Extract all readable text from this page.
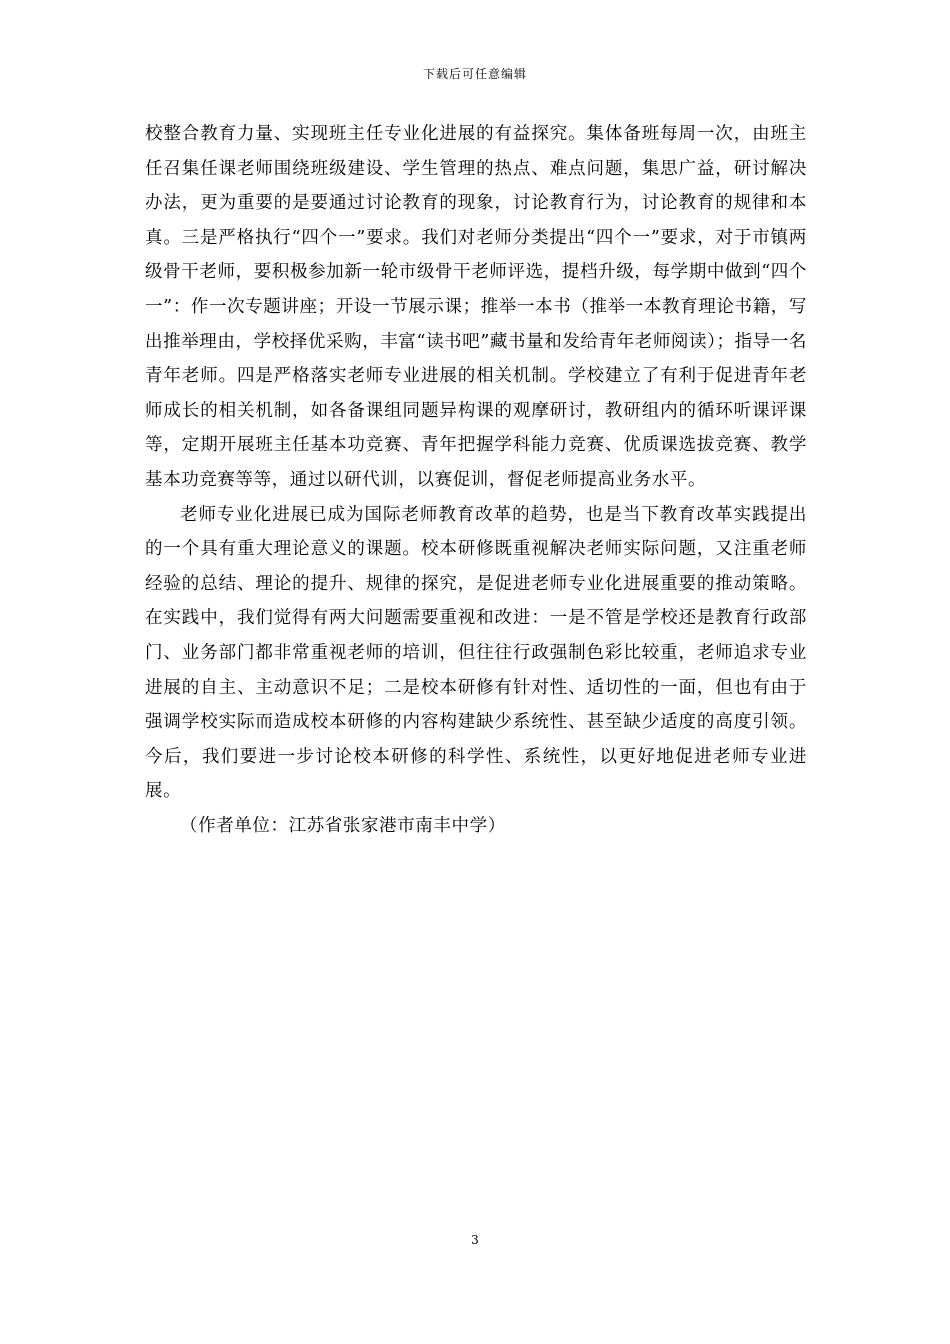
下载后可任意编辑

校整合教育力量、实现班主任专业化进展的有益探究。集体备班每周一次，由班主任召集任课老师围绕班级建设、学生管理的热点、难点问题，集思广益，研讨解决办法，更为重要的是要通过讨论教育的现象，讨论教育行为，讨论教育的规律和本真。三是严格执行“四个一”要求。我们对老师分类提出“四个一”要求，对于市镇两级骨干老师，要积极参加新一轮市级骨干老师评选，提档升级，每学期中做到“四个一”：作一次专题讲座；开设一节展示课；推举一本书（推举一本教育理论书籍，写出推举理由，学校择优采购，丰富“读书吧”藏书量和发给青年老师阅读）；指导一名青年老师。四是严格落实老师专业进展的相关机制。学校建立了有利于促进青年老师成长的相关机制，如各备课组同题异构课的观摩研讨，教研组内的循环听课评课等，定期开展班主任基本功竞赛、青年把握学科能力竞赛、优质课选拔竞赛、教学基本功竞赛等等，通过以研代训，以赛促训，督促老师提高业务水平。

老师专业化进展已成为国际老师教育改革的趋势，也是当下教育改革实践提出的一个具有重大理论意义的课题。校本研修既重视解决老师实际问题，又注重老师经验的总结、理论的提升、规律的探究，是促进老师专业化进展重要的推动策略。在实践中，我们觉得有两大问题需要重视和改进：一是不管是学校还是教育行政部门、业务部门都非常重视老师的培训，但往往行政强制色彩比较重，老师追求专业进展的自主、主动意识不足；二是校本研修有针对性、适切性的一面，但也有由于强调学校实际而造成校本研修的内容构建缺少系统性、甚至缺少适度的高度引领。今后，我们要进一步讨论校本研修的科学性、系统性，以更好地促进老师专业进展。

（作者单位：江苏省张家港市南丰中学）

3
